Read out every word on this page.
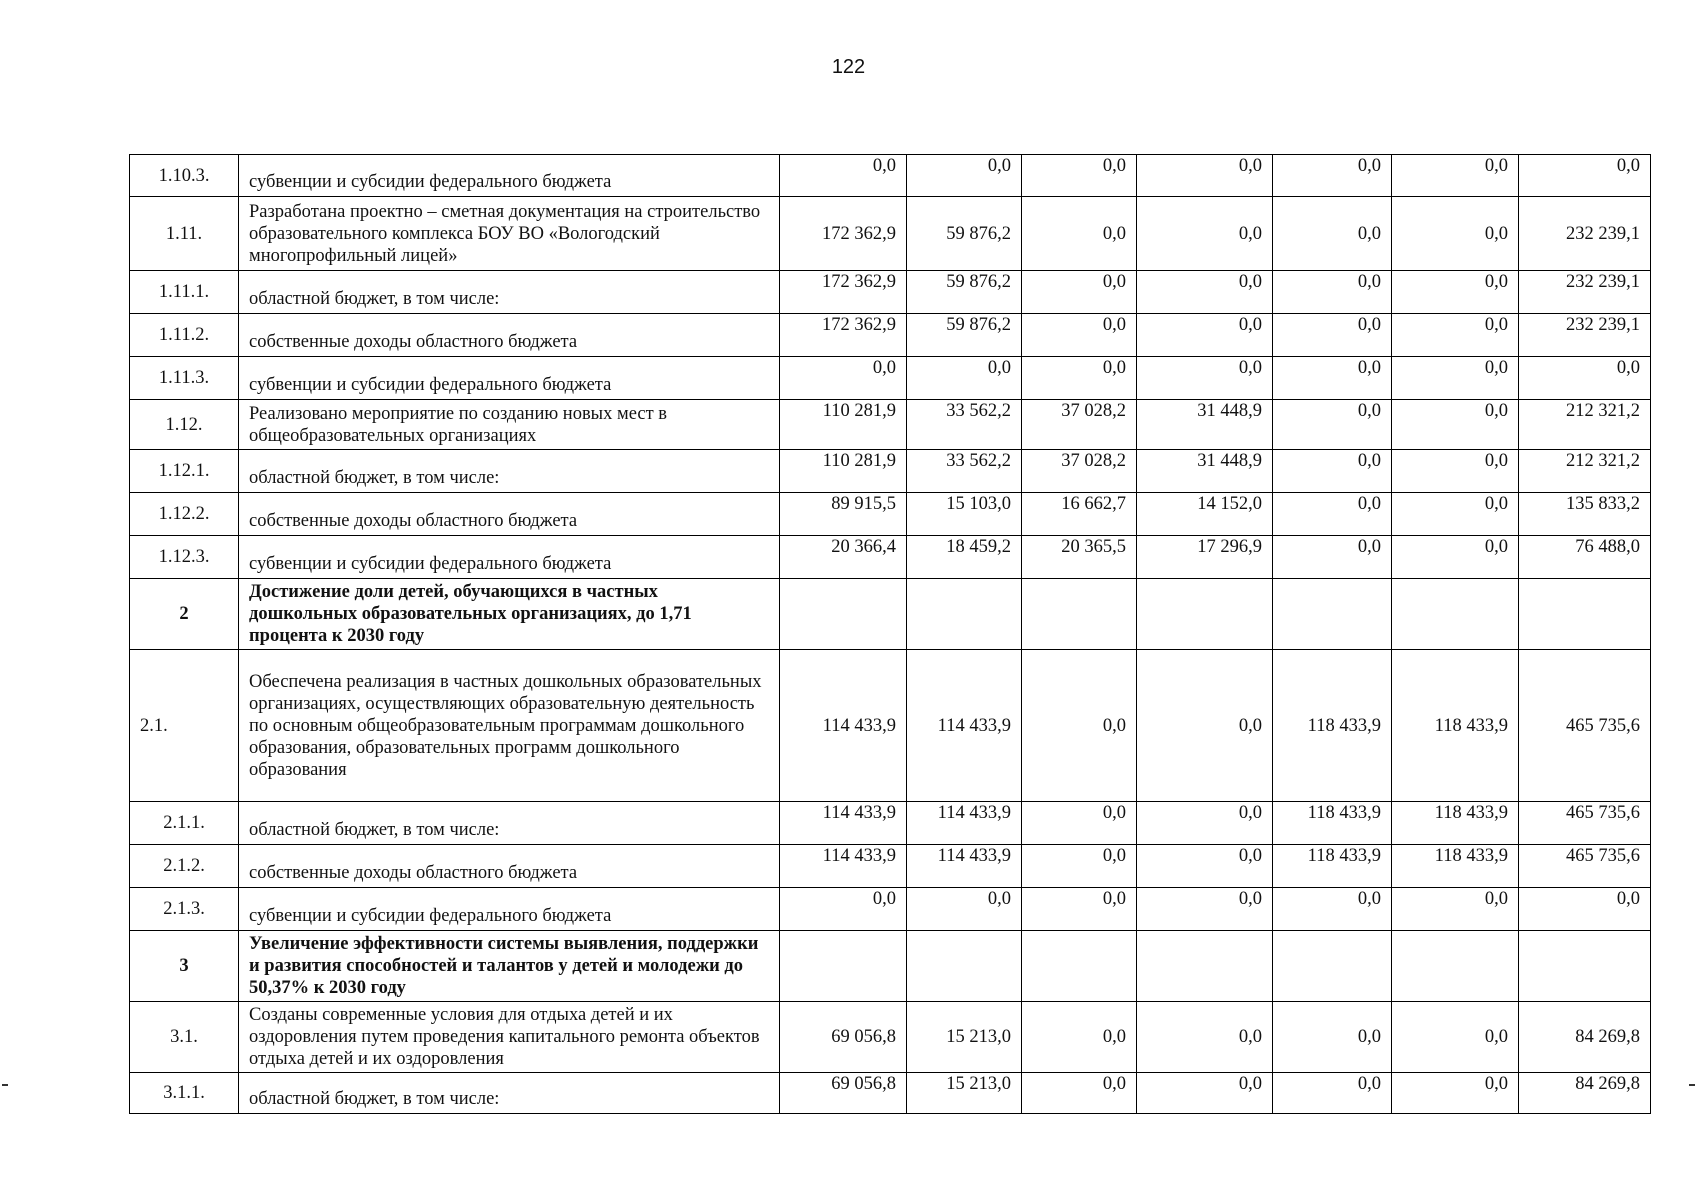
122
1.10.3.	субвенции и субсидии федерального бюджета	0,0	0,0	0,0	0,0	0,0	0,0	0,0
1.11.	Разработана проектно – сметная документация на строительство образовательного комплекса БОУ ВО «Вологодский многопрофильный лицей»	172 362,9	59 876,2	0,0	0,0	0,0	0,0	232 239,1
1.11.1.	областной бюджет, в том числе:	172 362,9	59 876,2	0,0	0,0	0,0	0,0	232 239,1
1.11.2.	собственные доходы областного бюджета	172 362,9	59 876,2	0,0	0,0	0,0	0,0	232 239,1
1.11.3.	субвенции и субсидии федерального бюджета	0,0	0,0	0,0	0,0	0,0	0,0	0,0
1.12.	Реализовано мероприятие по созданию новых мест в общеобразовательных организациях	110 281,9	33 562,2	37 028,2	31 448,9	0,0	0,0	212 321,2
1.12.1.	областной бюджет, в том числе:	110 281,9	33 562,2	37 028,2	31 448,9	0,0	0,0	212 321,2
1.12.2.	собственные доходы областного бюджета	89 915,5	15 103,0	16 662,7	14 152,0	0,0	0,0	135 833,2
1.12.3.	субвенции и субсидии федерального бюджета	20 366,4	18 459,2	20 365,5	17 296,9	0,0	0,0	76 488,0
2	Достижение доли детей, обучающихся в частных дошкольных образовательных организациях, до 1,71 процента к 2030 году							
2.1.	Обеспечена реализация в частных дошкольных образовательных организациях, осуществляющих образовательную деятельность по основным общеобразовательным программам дошкольного образования, образовательных программ дошкольного образования	114 433,9	114 433,9	0,0	0,0	118 433,9	118 433,9	465 735,6
2.1.1.	областной бюджет, в том числе:	114 433,9	114 433,9	0,0	0,0	118 433,9	118 433,9	465 735,6
2.1.2.	собственные доходы областного бюджета	114 433,9	114 433,9	0,0	0,0	118 433,9	118 433,9	465 735,6
2.1.3.	субвенции и субсидии федерального бюджета	0,0	0,0	0,0	0,0	0,0	0,0	0,0
3	Увеличение эффективности системы выявления, поддержки и развития способностей и талантов у детей и молодежи до 50,37% к 2030 году							
3.1.	Созданы современные условия для отдыха детей и их оздоровления путем проведения капитального ремонта объектов отдыха детей и их оздоровления	69 056,8	15 213,0	0,0	0,0	0,0	0,0	84 269,8
3.1.1.	областной бюджет, в том числе:	69 056,8	15 213,0	0,0	0,0	0,0	0,0	84 269,8
